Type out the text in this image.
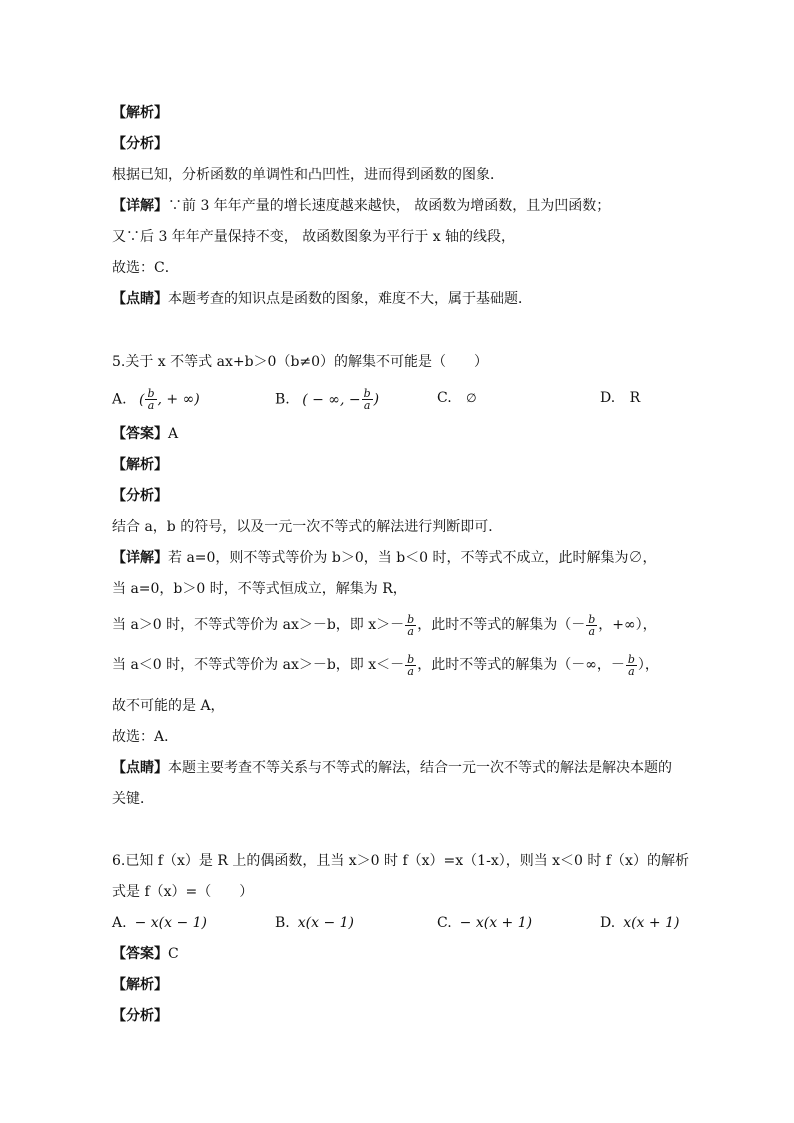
【解析】
【分析】
根据已知，分析函数的单调性和凸凹性，进而得到函数的图象．
【详解】∵前 3 年年产量的增长速度越来越快， 故函数为增函数，且为凹函数；
又∵后 3 年年产量保持不变， 故函数图象为平行于 x 轴的线段，
故选：C．
【点睛】本题考查的知识点是函数的图象，难度不大，属于基础题．
5.关于 x 不等式 ax+b＞0（b≠0）的解集不可能是（　　）
A. ( $\frac{b}{a}$ , + ∞)	B. ( − ∞, − $\frac{b}{a}$ )	C. ∅	D. R
【答案】A
【解析】
【分析】
结合 a，b 的符号，以及一元一次不等式的解法进行判断即可．
【详解】若 a=0，则不等式等价为 b＞0，当 b＜0 时，不等式不成立，此时解集为∅，
当 a=0，b＞0 时，不等式恒成立，解集为 R，
当 a＞0 时，不等式等价为 ax＞－b，即 $x>- \frac{b}{a}$ ，此时不等式的解集为（－ $\frac{b}{a}$ ，+∞），
当 a＜0 时，不等式等价为 ax＞－b，即 $x<- \frac{b}{a}$ ，此时不等式的解集为（－∞，－ $\frac{b}{a}$ ），
故不可能的是 A，
故选：A．
【点睛】本题主要考查不等关系与不等式的解法，结合一元一次不等式的解法是解决本题的
关键．
6.已知 f（x）是 R 上的偶函数，且当 x＞0 时 f（x）=x（1-x），则当 x＜0 时 f（x）的解析
式是 f（x）=（　　）
A. − x(x − 1)	B. x(x − 1)	C. − x(x + 1)	D. x(x + 1)
【答案】C
【解析】
【分析】
